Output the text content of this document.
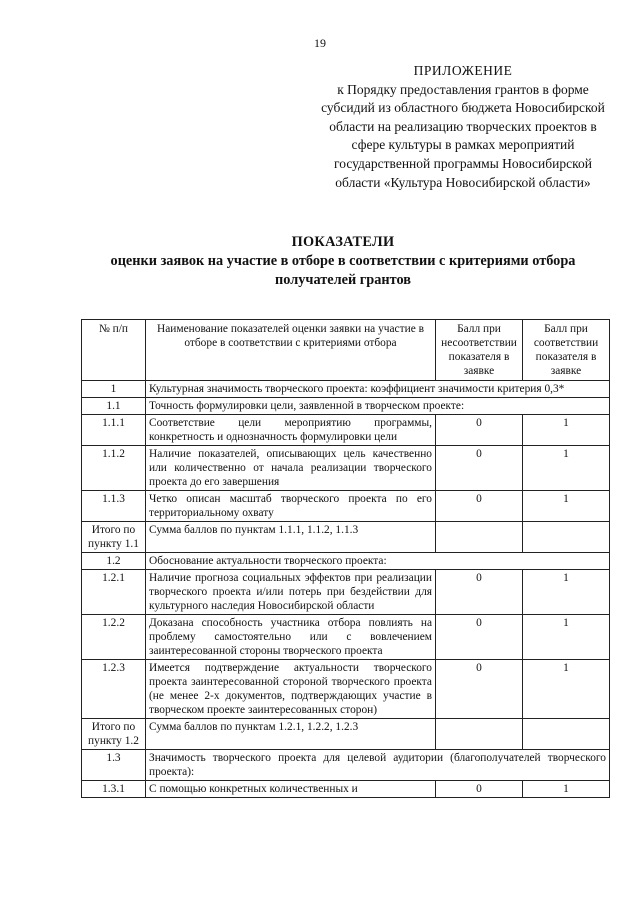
19
ПРИЛОЖЕНИЕ
к Порядку предоставления грантов в форме субсидий из областного бюджета Новосибирской области на реализацию творческих проектов в сфере культуры в рамках мероприятий государственной программы Новосибирской области «Культура Новосибирской области»
ПОКАЗАТЕЛИ
оценки заявок на участие в отборе в соответствии с критериями отбора получателей грантов
№ п/п	Наименование показателей оценки заявки на участие в отборе в соответствии с критериями отбора	Балл при несоответствии показателя в заявке	Балл при соответствии показателя в заявке
1	Культурная значимость творческого проекта: коэффициент значимости критерия 0,3*		
1.1	Точность формулировки цели, заявленной в творческом проекте:		
1.1.1	Соответствие цели мероприятию программы, конкретность и однозначность формулировки цели	0	1
1.1.2	Наличие показателей, описывающих цель качественно или количественно от начала реализации творческого проекта до его завершения	0	1
1.1.3	Четко описан масштаб творческого проекта по его территориальному охвату	0	1
Итого по пункту 1.1	Сумма баллов по пунктам 1.1.1, 1.1.2, 1.1.3		
1.2	Обоснование актуальности творческого проекта:		
1.2.1	Наличие прогноза социальных эффектов при реализации творческого проекта и/или потерь при бездействии для культурного наследия Новосибирской области	0	1
1.2.2	Доказана способность участника отбора повлиять на проблему самостоятельно или с вовлечением заинтересованной стороны творческого проекта	0	1
1.2.3	Имеется подтверждение актуальности творческого проекта заинтересованной стороной творческого проекта (не менее 2-х документов, подтверждающих участие в творческом проекте заинтересованных сторон)	0	1
Итого по пункту 1.2	Сумма баллов по пунктам 1.2.1, 1.2.2, 1.2.3		
1.3	Значимость творческого проекта для целевой аудитории (благополучателей творческого проекта):		
1.3.1	С помощью конкретных количественных и	0	1
